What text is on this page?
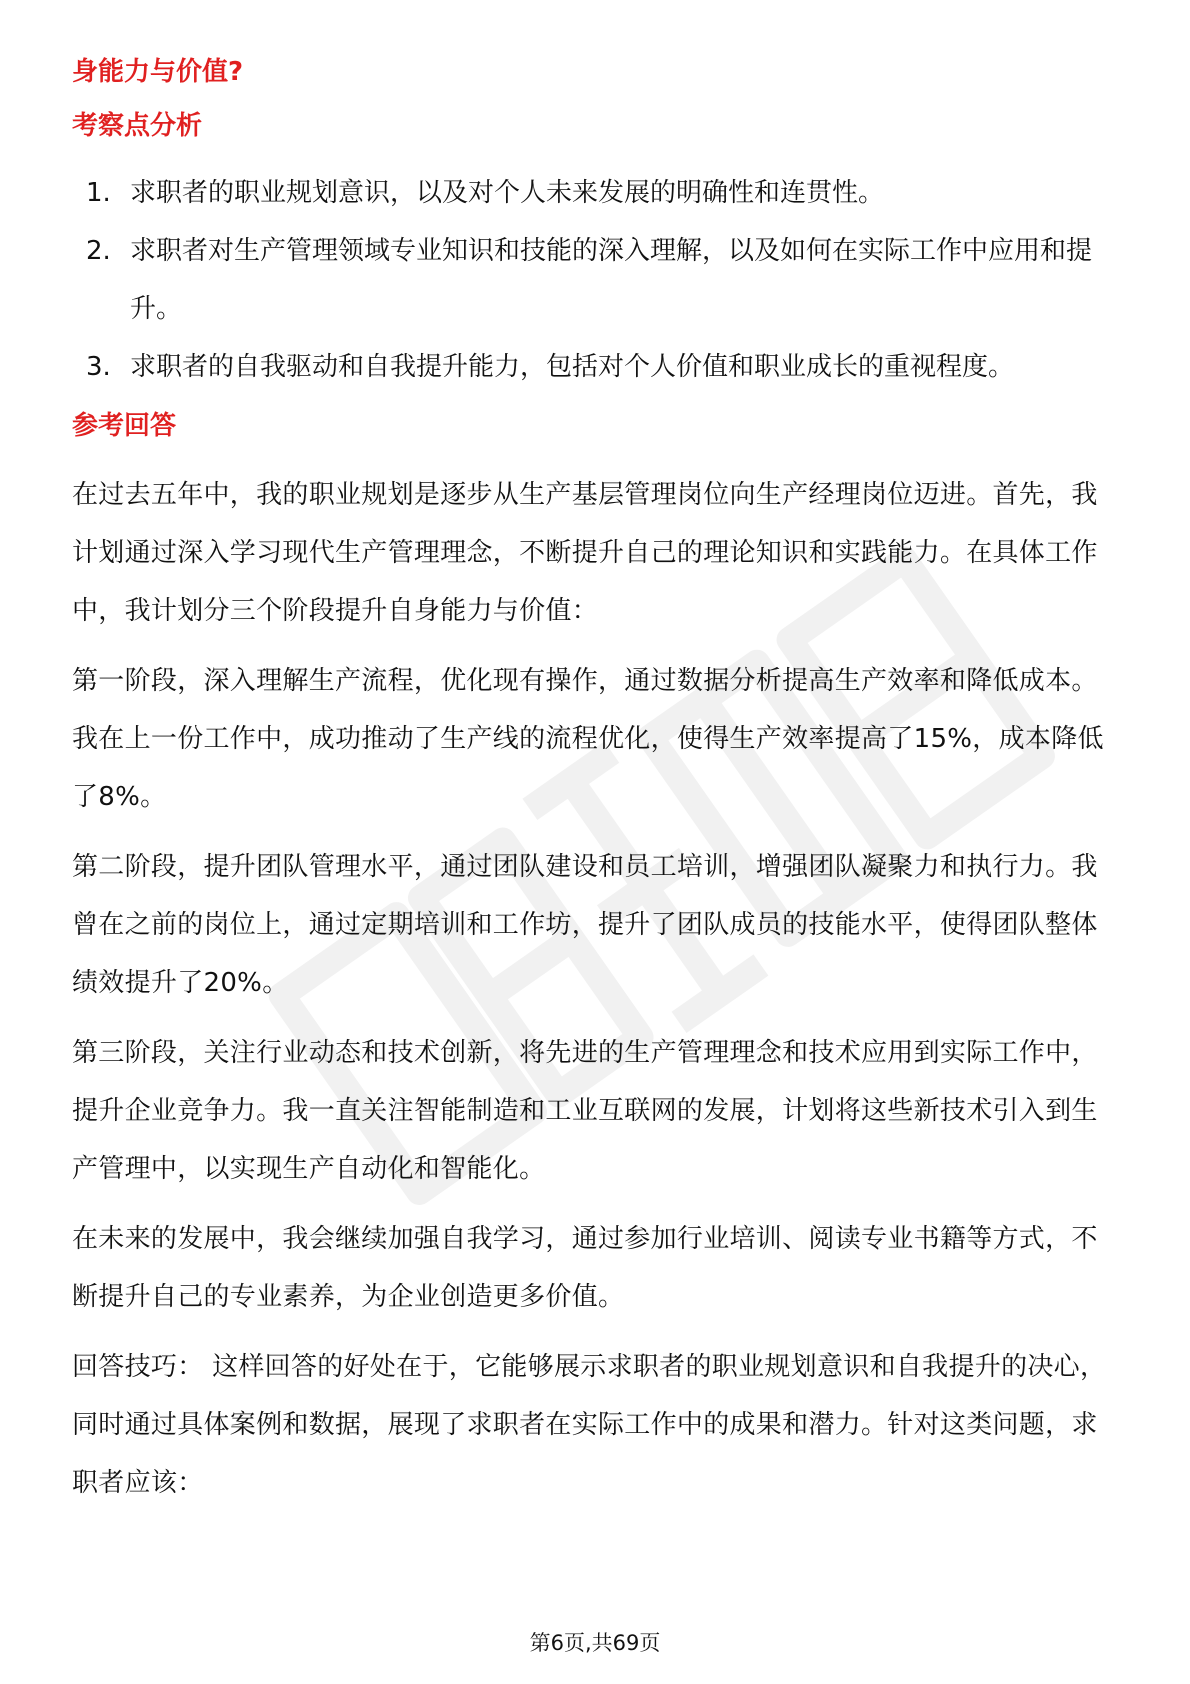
身能力与价值?
考察点分析
1. 求职者的职业规划意识，以及对个人未来发展的明确性和连贯性。
2. 求职者对生产管理领域专业知识和技能的深入理解，以及如何在实际工作中应用和提升。
3. 求职者的自我驱动和自我提升能力，包括对个人价值和职业成长的重视程度。
参考回答

在过去五年中，我的职业规划是逐步从生产基层管理岗位向生产经理岗位迈进。首先，我计划通过深入学习现代生产管理理念，不断提升自己的理论知识和实践能力。在具体工作中，我计划分三个阶段提升自身能力与价值：

第一阶段，深入理解生产流程，优化现有操作，通过数据分析提高生产效率和降低成本。我在上一份工作中，成功推动了生产线的流程优化，使得生产效率提高了15%，成本降低了8%。

第二阶段，提升团队管理水平，通过团队建设和员工培训，增强团队凝聚力和执行力。我曾在之前的岗位上，通过定期培训和工作坊，提升了团队成员的技能水平，使得团队整体绩效提升了20%。

第三阶段，关注行业动态和技术创新，将先进的生产管理理念和技术应用到实际工作中，提升企业竞争力。我一直关注智能制造和工业互联网的发展，计划将这些新技术引入到生产管理中，以实现生产自动化和智能化。

在未来的发展中，我会继续加强自我学习，通过参加行业培训、阅读专业书籍等方式，不断提升自己的专业素养，为企业创造更多价值。

回答技巧： 这样回答的好处在于，它能够展示求职者的职业规划意识和自我提升的决心，同时通过具体案例和数据，展现了求职者在实际工作中的成果和潜力。针对这类问题，求职者应该：

第6页,共69页
